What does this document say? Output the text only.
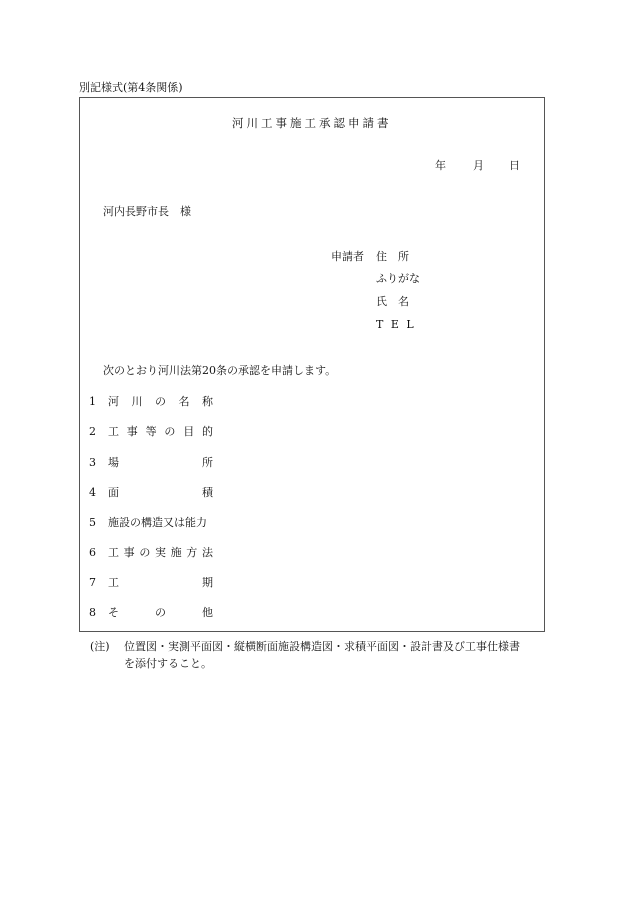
別記様式(第4条関係)
河川工事施工承認申請書
年 月 日
河内長野市長　様
申請者 住　所
ふりがな
氏　名
T E L
次のとおり河川法第20条の承認を申請します。
1 河 川 の 名 称
2 工 事 等 の 目 的
3 場	所
4 面	積
5 施設の構造又は能力
6 工 事 の 実 施 方 法
7 工	期
8 そ	の	他
(注) 位置図・実測平面図・縦横断面施設構造図・求積平面図・設計書及び工事仕様書
を添付すること。
